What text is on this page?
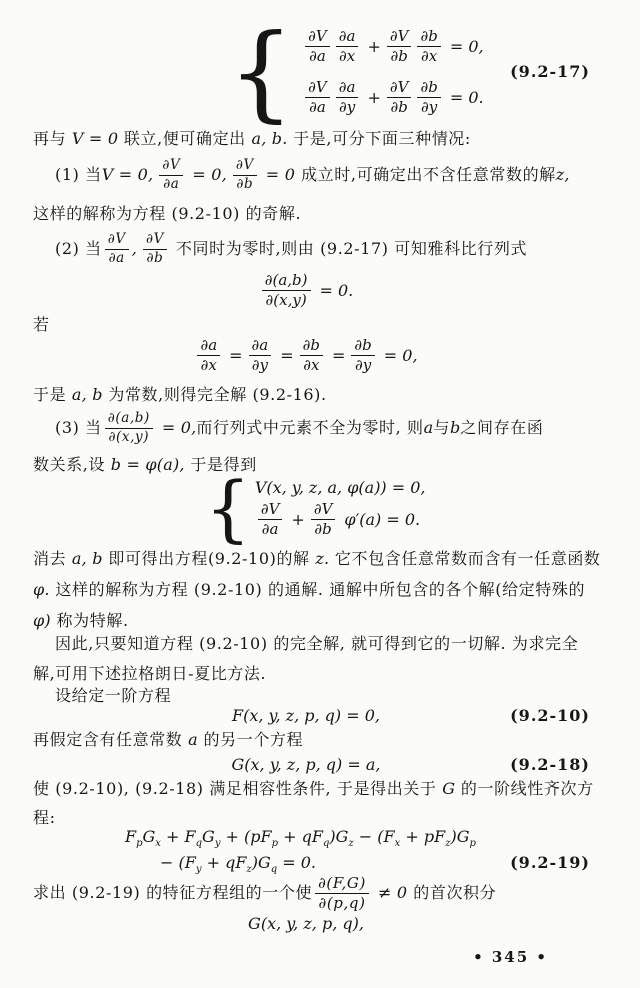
{ $\frac{\partial V}{\partial a} \frac{\partial a}{\partial x} + \frac{\partial V}{\partial b} \frac{\partial b}{\partial x} = 0$,
$\frac{\partial V}{\partial a} \frac{\partial a}{\partial y} + \frac{\partial V}{\partial b} \frac{\partial b}{\partial y} = 0$.
(9.2-17)
再与 V = 0 联立,便可确定出 a, b. 于是,可分下面三种情况:
(1) 当 V = 0, $\frac{\partial V}{\partial a} = 0$, $\frac{\partial V}{\partial b} = 0$ 成立时,可确定出不含任意常数的解 z,
这样的解称为方程 (9.2-10) 的奇解.
(2) 当 $\frac{\partial V}{\partial a}$ , $\frac{\partial V}{\partial b}$ 不同时为零时,则由 (9.2-17) 可知雅科比行列式
$\frac{\partial(a,b)}{\partial(x,y)} = 0$.
若
$\frac{\partial a}{\partial x} = \frac{\partial a}{\partial y} = \frac{\partial b}{\partial x} = \frac{\partial b}{\partial y} = 0$,
于是 a, b 为常数,则得完全解 (9.2-16).
(3) 当 $\frac{\partial(a,b)}{\partial(x,y)} = 0$, 而行列式中元素不全为零时, 则 a 与 b 之间存在函
数关系,设 b = φ(a), 于是得到
{ V(x, y, z, a, φ(a)) = 0,
$\frac{\partial V}{\partial a} + \frac{\partial V}{\partial b} \varphi'(a) = 0$.
消去 a, b 即可得出方程(9.2-10)的解 z. 它不包含任意常数而含有一任意函数
φ. 这样的解称为方程 (9.2-10) 的通解. 通解中所包含的各个解(给定特殊的
φ) 称为特解.
因此,只要知道方程 (9.2-10) 的完全解, 就可得到它的一切解. 为求完全
解,可用下述拉格朗日-夏比方法.
设给定一阶方程
F(x, y, z, p, q) = 0,	(9.2-10)
再假定含有任意常数 a 的另一个方程
G(x, y, z, p, q) = a,	(9.2-18)
使 (9.2-10), (9.2-18) 满足相容性条件, 于是得出关于 G 的一阶线性齐次方
程:
$F_pG_x + F_qG_y + (pF_p + qF_q)G_z - (F_x + pF_z)G_p$
− $(F_y + qF_z)G_q = 0$.	(9.2-19)
求出 (9.2-19) 的特征方程组的一个使 $\frac{\partial(F,G)}{\partial(p,q)} \ne 0$ 的首次积分
G(x, y, z, p, q),
• 345 •
